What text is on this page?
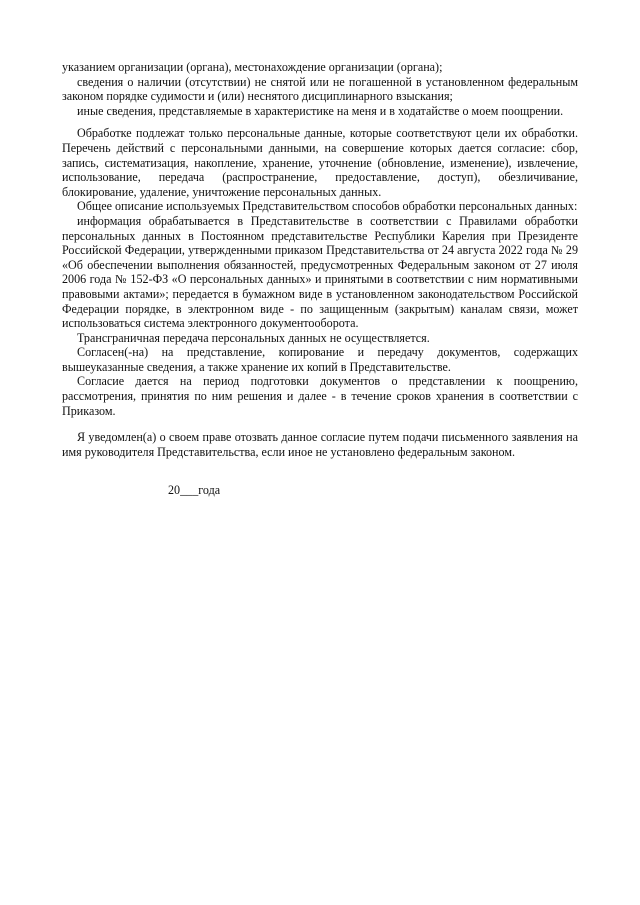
указанием организации (органа), местонахождение организации (органа);

сведения о наличии (отсутствии) не снятой или не погашенной в установленном федеральным законом порядке судимости и (или) неснятого дисциплинарного взыскания;

иные сведения, представляемые в характеристике на меня и в ходатайстве о моем поощрении.

Обработке подлежат только персональные данные, которые соответствуют цели их обработки. Перечень действий с персональными данными, на совершение которых дается согласие: сбор, запись, систематизация, накопление, хранение, уточнение (обновление, изменение), извлечение, использование, передача (распространение, предоставление, доступ), обезличивание, блокирование, удаление, уничтожение персональных данных.

Общее описание используемых Представительством способов обработки персональных данных:

информация обрабатывается в Представительстве в соответствии с Правилами обработки персональных данных в Постоянном представительстве Республики Карелия при Президенте Российской Федерации, утвержденными приказом Представительства от 24 августа 2022 года № 29 «Об обеспечении выполнения обязанностей, предусмотренных Федеральным законом от 27 июля 2006 года № 152-ФЗ «О персональных данных» и принятыми в соответствии с ним нормативными правовыми актами»; передается в бумажном виде в установленном законодательством Российской Федерации порядке, в электронном виде - по защищенным (закрытым) каналам связи, может использоваться система электронного документооборота.

Трансграничная передача персональных данных не осуществляется.

Согласен(-на) на представление, копирование и передачу документов, содержащих вышеуказанные сведения, а также хранение их копий в Представительстве.

Согласие дается на период подготовки документов о представлении к поощрению, рассмотрения, принятия по ним решения и далее - в течение сроков хранения в соответствии с Приказом.

Я уведомлен(а) о своем праве отозвать данное согласие путем подачи письменного заявления на имя руководителя Представительства, если иное не установлено федеральным законом.

20___года
